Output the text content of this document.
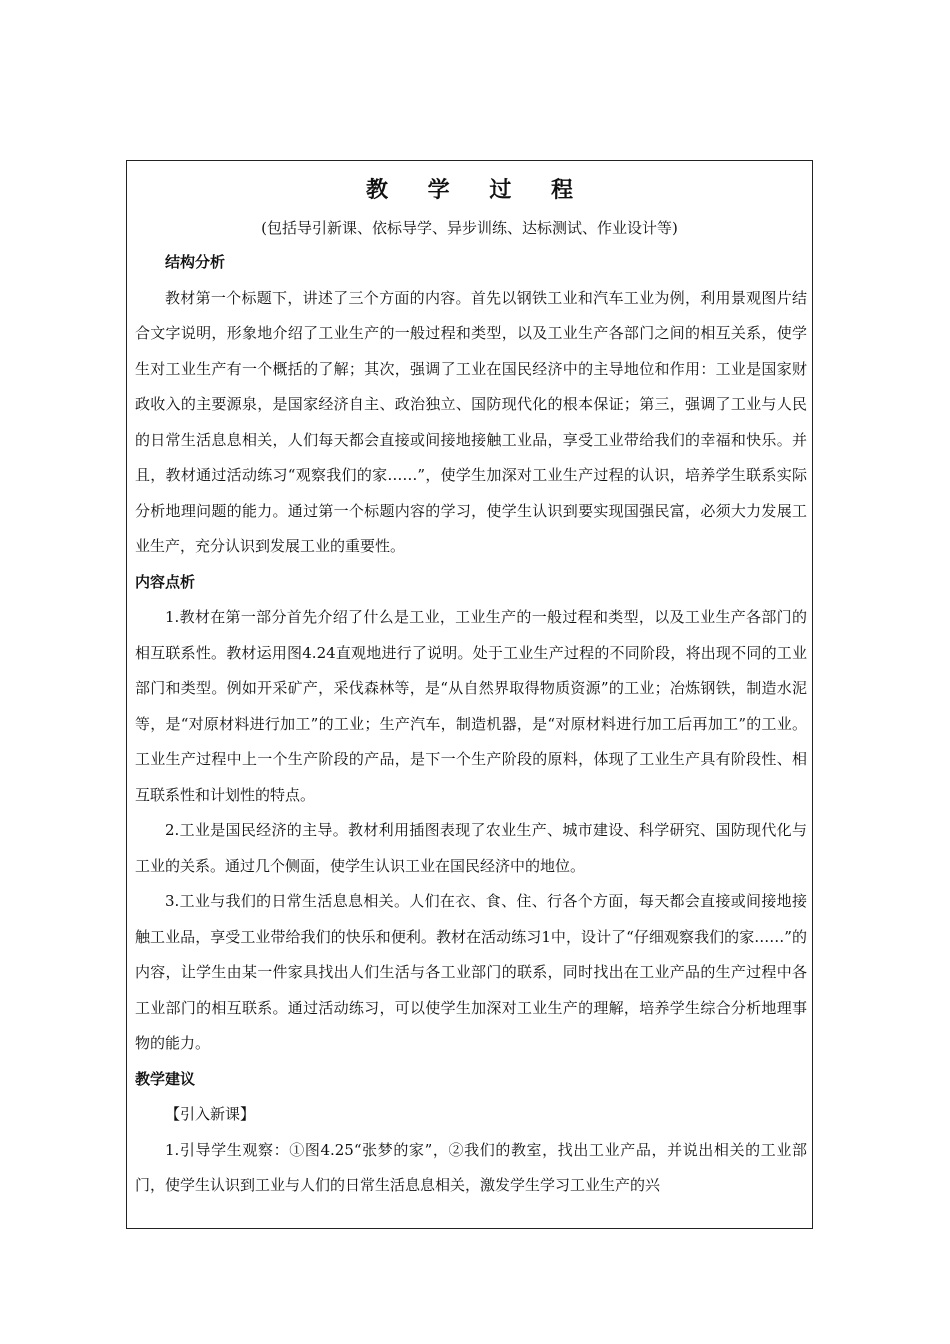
教 学 过 程
(包括导引新课、依标导学、异步训练、达标测试、作业设计等)

结构分析

教材第一个标题下，讲述了三个方面的内容。首先以钢铁工业和汽车工业为例，利用景观图片结合文字说明，形象地介绍了工业生产的一般过程和类型，以及工业生产各部门之间的相互关系，使学生对工业生产有一个概括的了解；其次，强调了工业在国民经济中的主导地位和作用：工业是国家财政收入的主要源泉，是国家经济自主、政治独立、国防现代化的根本保证；第三，强调了工业与人民的日常生活息息相关，人们每天都会直接或间接地接触工业品，享受工业带给我们的幸福和快乐。并且，教材通过活动练习“观察我们的家……”，使学生加深对工业生产过程的认识，培养学生联系实际分析地理问题的能力。通过第一个标题内容的学习，使学生认识到要实现国强民富，必须大力发展工业生产，充分认识到发展工业的重要性。

内容点析

1.教材在第一部分首先介绍了什么是工业，工业生产的一般过程和类型，以及工业生产各部门的相互联系性。教材运用图4.24直观地进行了说明。处于工业生产过程的不同阶段，将出现不同的工业部门和类型。例如开采矿产，采伐森林等，是“从自然界取得物质资源”的工业；冶炼钢铁，制造水泥等，是“对原材料进行加工”的工业；生产汽车，制造机器，是“对原材料进行加工后再加工”的工业。工业生产过程中上一个生产阶段的产品，是下一个生产阶段的原料，体现了工业生产具有阶段性、相互联系性和计划性的特点。

2.工业是国民经济的主导。教材利用插图表现了农业生产、城市建设、科学研究、国防现代化与工业的关系。通过几个侧面，使学生认识工业在国民经济中的地位。

3.工业与我们的日常生活息息相关。人们在衣、食、住、行各个方面，每天都会直接或间接地接触工业品，享受工业带给我们的快乐和便利。教材在活动练习1中，设计了“仔细观察我们的家……”的内容，让学生由某一件家具找出人们生活与各工业部门的联系，同时找出在工业产品的生产过程中各工业部门的相互联系。通过活动练习，可以使学生加深对工业生产的理解，培养学生综合分析地理事物的能力。

教学建议

【引入新课】

1.引导学生观察：①图4.25“张梦的家”，②我们的教室，找出工业产品，并说出相关的工业部门，使学生认识到工业与人们的日常生活息息相关，激发学生学习工业生产的兴
